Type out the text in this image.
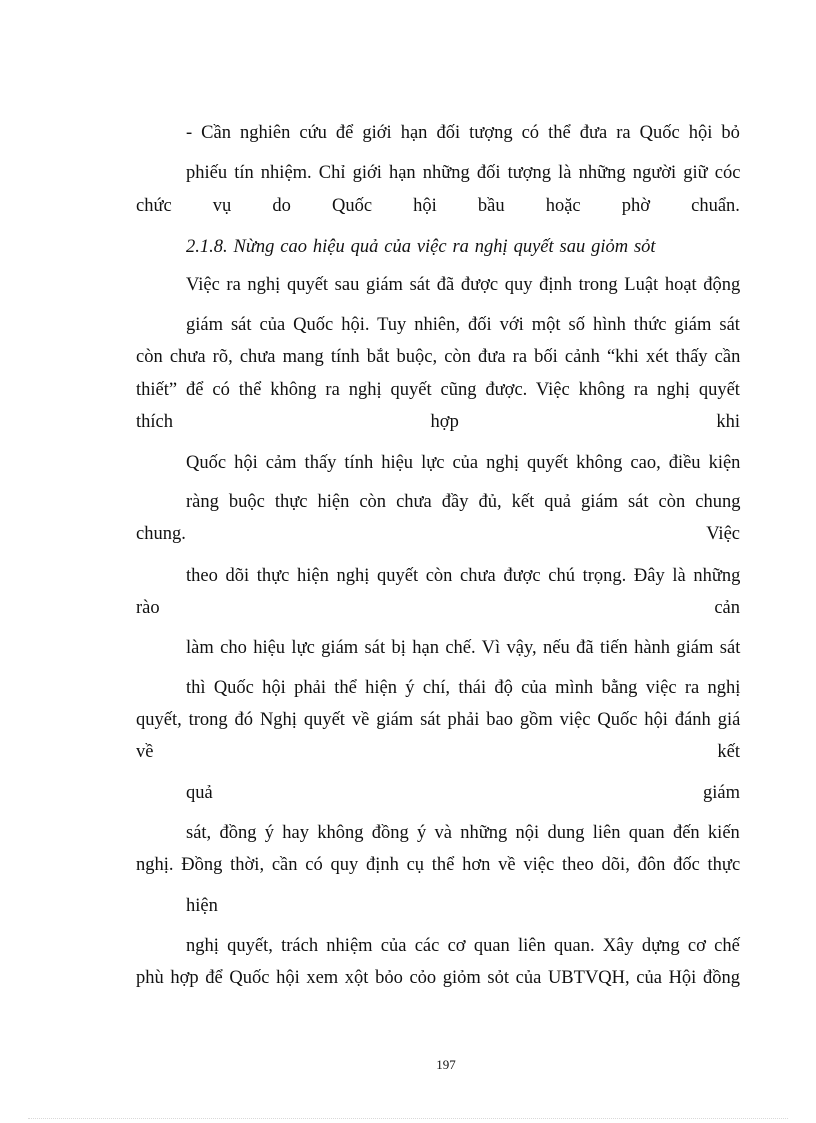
- Cần nghiên cứu để giới hạn đối tượng có thể đưa ra Quốc hội bỏ
phiếu tín nhiệm. Chỉ giới hạn những đối tượng là những người giữ cóc
chức vụ do Quốc hội bầu hoặc phờ chuẩn.
2.1.8. Nừng cao hiệu quả của việc ra nghị quyết sau giỏm sỏt
Việc ra nghị quyết sau giám sát đã được quy định trong Luật hoạt động
giám sát của Quốc hội. Tuy nhiên, đối với một số hình thức giám sát
còn chưa rõ, chưa mang tính bắt buộc, còn đưa ra bối cảnh “khi xét thấy cần
thiết” để có thể không ra nghị quyết cũng được. Việc không ra nghị quyết
thích	hợp	khi
Quốc hội cảm thấy tính hiệu lực của nghị quyết không cao, điều kiện
ràng buộc thực hiện còn chưa đầy đủ, kết quả giám sát còn chung
chung.	Việc
theo dõi thực hiện nghị quyết còn chưa được chú trọng. Đây là những
rào	cản
làm cho hiệu lực giám sát bị hạn chế. Vì vậy, nếu đã tiến hành giám sát
thì Quốc hội phải thể hiện ý chí, thái độ của mình bằng việc ra nghị
quyết, trong đó Nghị quyết về giám sát phải bao gồm việc Quốc hội đánh giá
về	kết
quả	giám
sát, đồng ý hay không đồng ý và những nội dung liên quan đến kiến
nghị. Đồng thời, cần có quy định cụ thể hơn về việc theo dõi, đôn đốc thực
hiện
nghị quyết, trách nhiệm của các cơ quan liên quan. Xây dựng cơ chế
phù hợp để Quốc hội xem xột bỏo cỏo giỏm sỏt của UBTVQH, của Hội đồng
197
